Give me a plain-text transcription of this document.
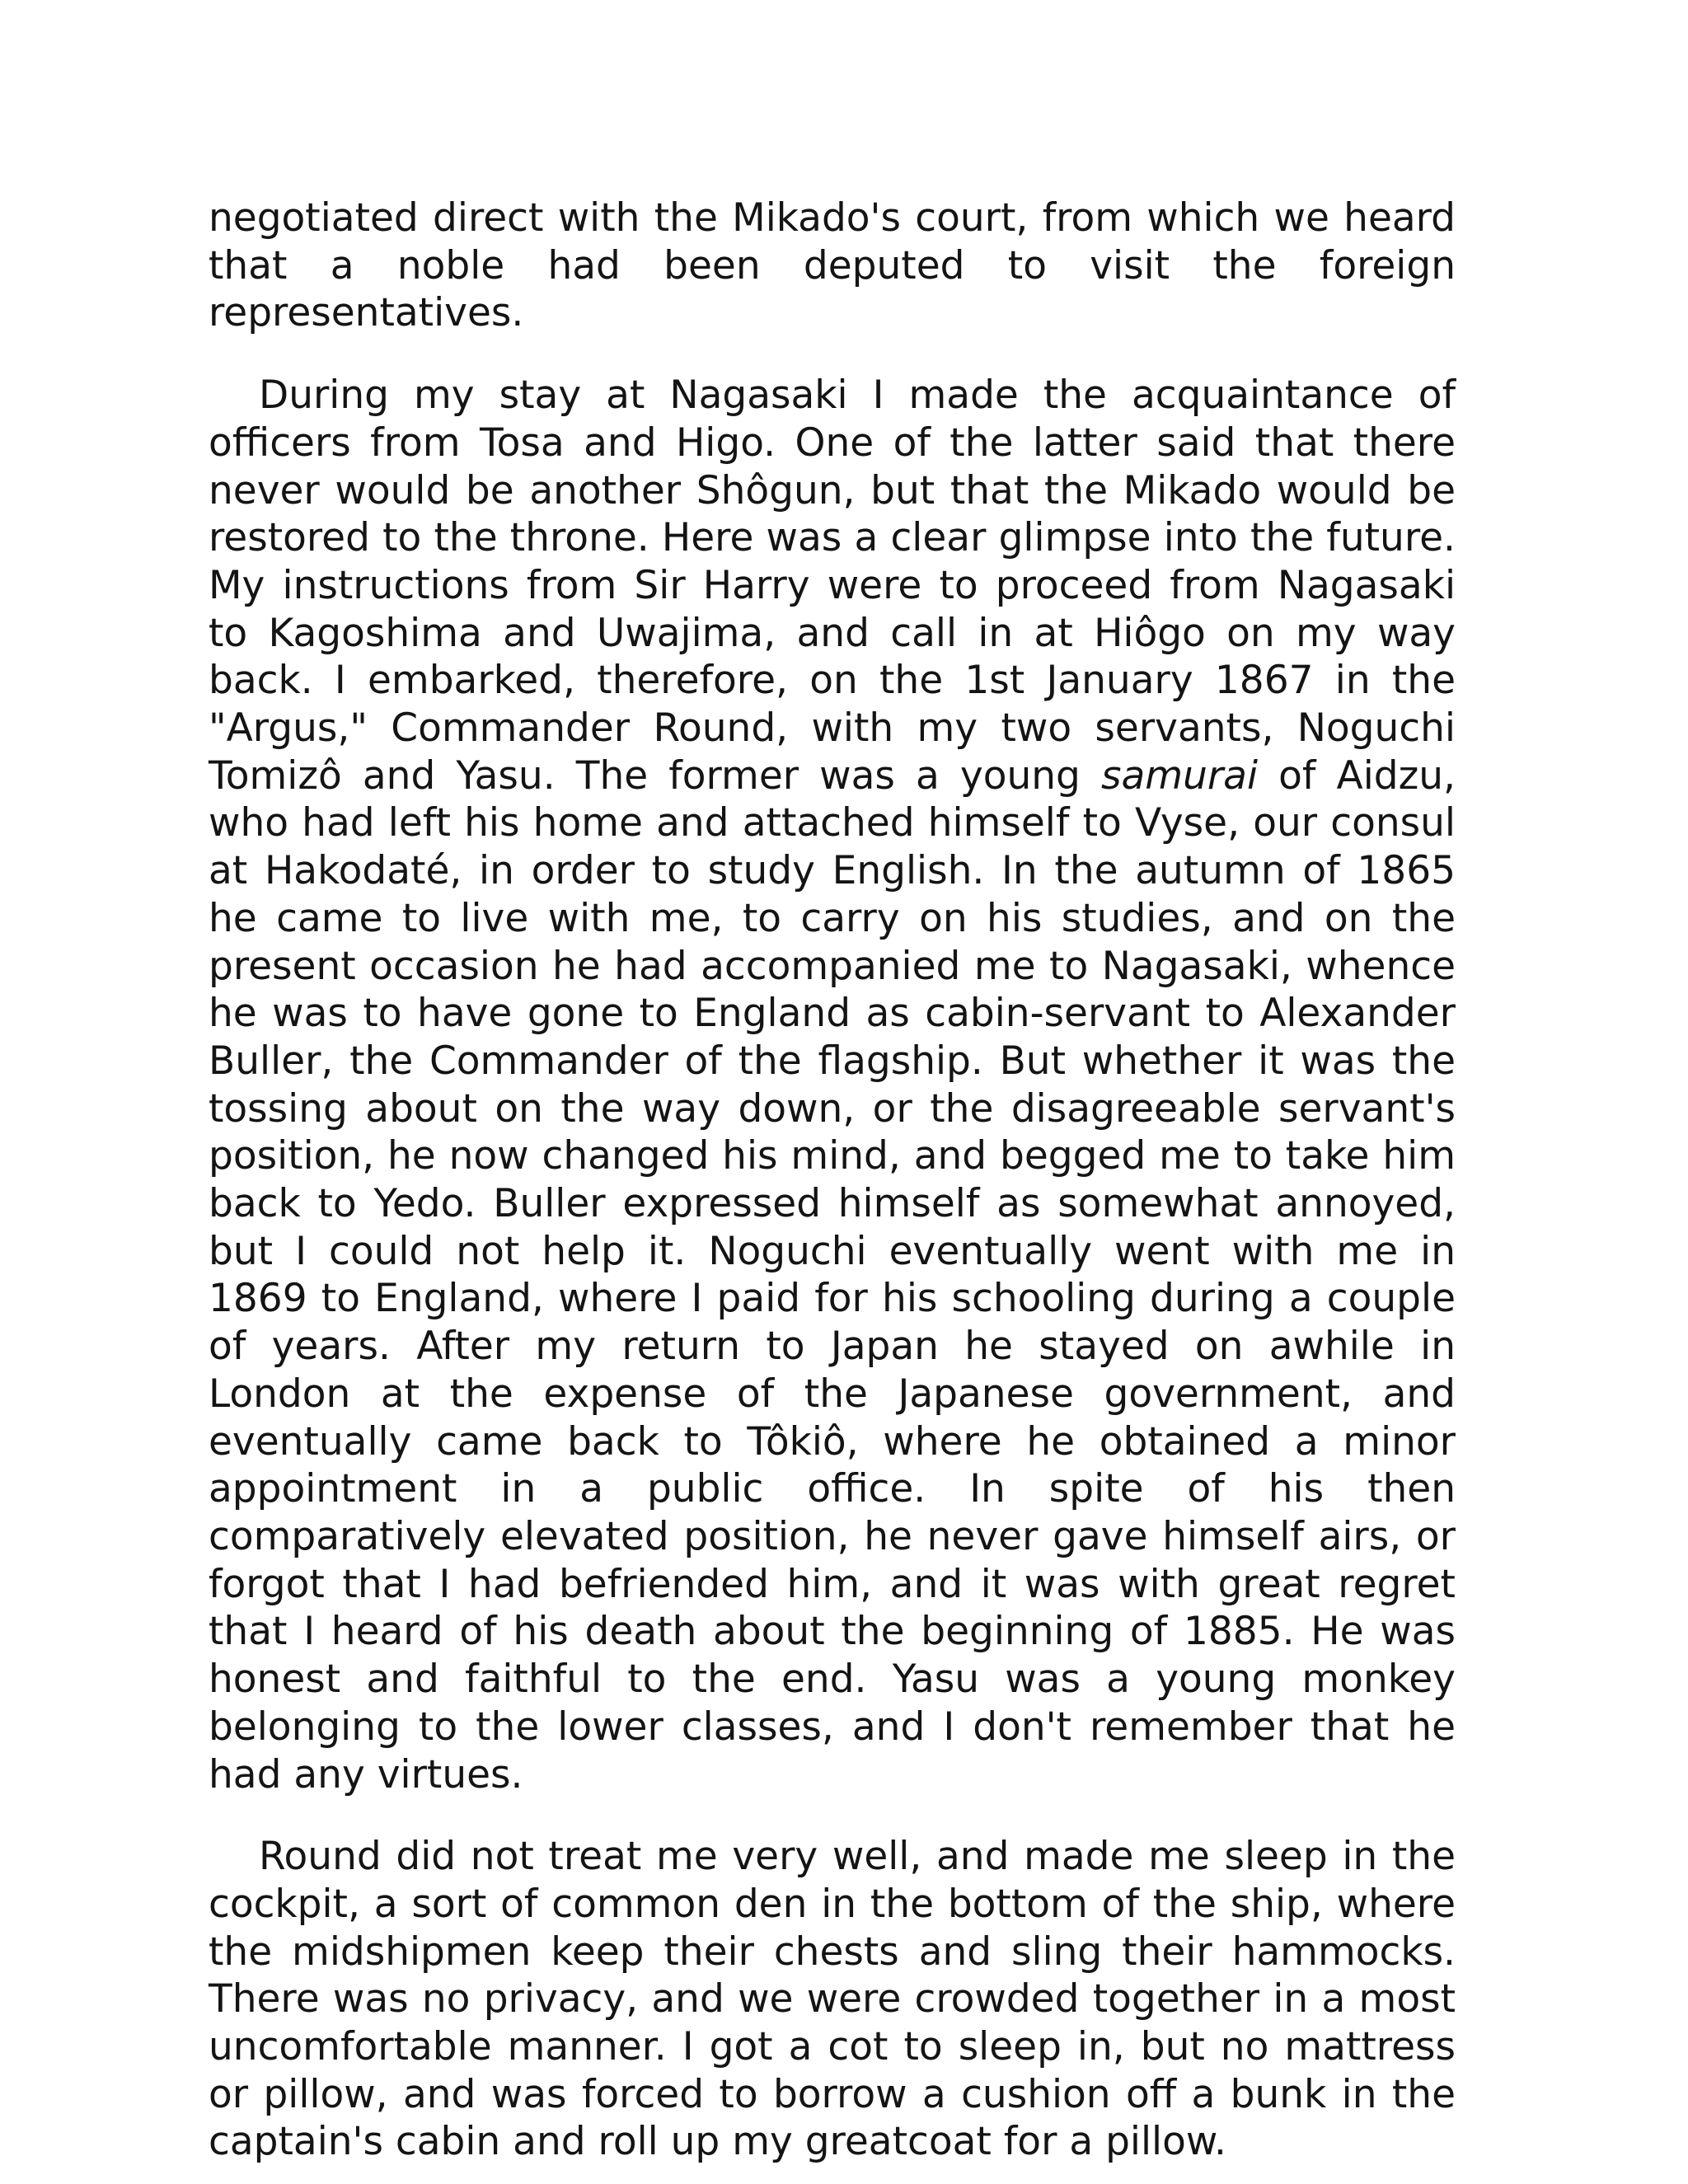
negotiated direct with the Mikado's court, from which we heard that a noble had been deputed to visit the foreign representatives.

During my stay at Nagasaki I made the acquaintance of officers from Tosa and Higo. One of the latter said that there never would be another Shôgun, but that the Mikado would be restored to the throne. Here was a clear glimpse into the future. My instructions from Sir Harry were to proceed from Nagasaki to Kagoshima and Uwajima, and call in at Hiôgo on my way back. I embarked, therefore, on the 1st January 1867 in the "Argus," Commander Round, with my two servants, Noguchi Tomizô and Yasu. The former was a young samurai of Aidzu, who had left his home and attached himself to Vyse, our consul at Hakodaté, in order to study English. In the autumn of 1865 he came to live with me, to carry on his studies, and on the present occasion he had accompanied me to Nagasaki, whence he was to have gone to England as cabin-servant to Alexander Buller, the Commander of the flagship. But whether it was the tossing about on the way down, or the disagreeable servant's position, he now changed his mind, and begged me to take him back to Yedo. Buller expressed himself as somewhat annoyed, but I could not help it. Noguchi eventually went with me in 1869 to England, where I paid for his schooling during a couple of years. After my return to Japan he stayed on awhile in London at the expense of the Japanese government, and eventually came back to Tôkiô, where he obtained a minor appointment in a public office. In spite of his then comparatively elevated position, he never gave himself airs, or forgot that I had befriended him, and it was with great regret that I heard of his death about the beginning of 1885. He was honest and faithful to the end. Yasu was a young monkey belonging to the lower classes, and I don't remember that he had any virtues.

Round did not treat me very well, and made me sleep in the cockpit, a sort of common den in the bottom of the ship, where the midshipmen keep their chests and sling their hammocks. There was no privacy, and we were crowded together in a most uncomfortable manner. I got a cot to sleep in, but no mattress or pillow, and was forced to borrow a cushion off a bunk in the captain's cabin and roll up my greatcoat for a pillow.
